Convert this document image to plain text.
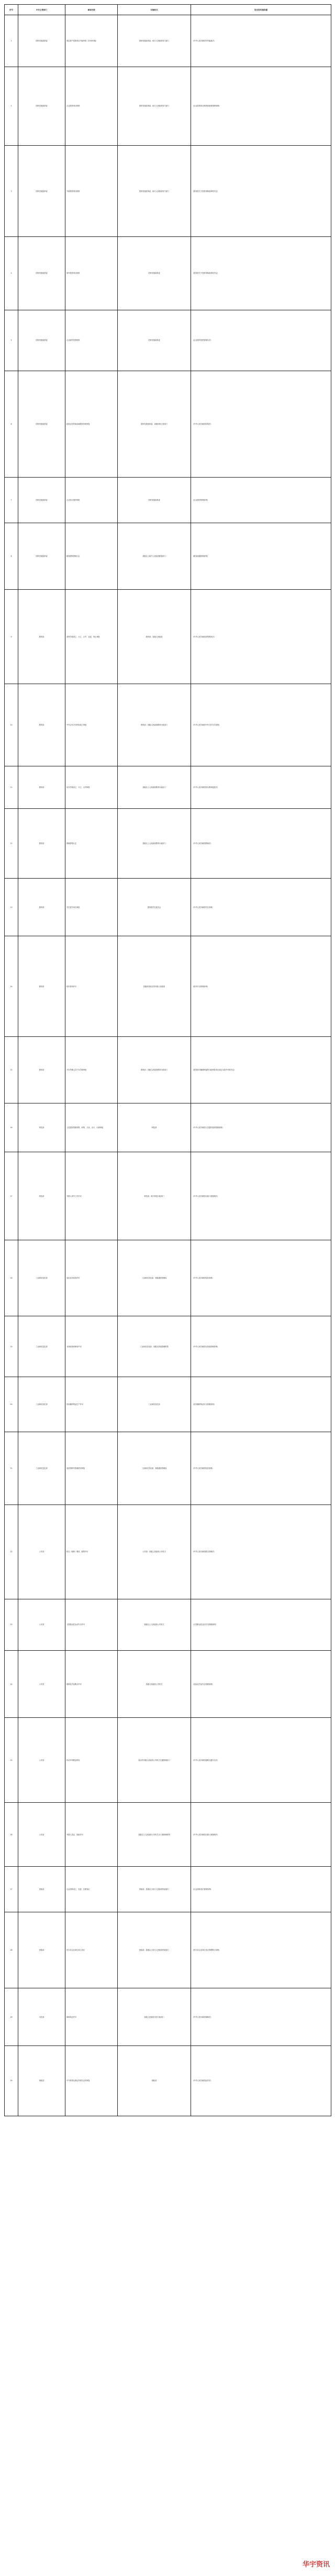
序号	中央主管部门	事项名称	实施机关	设定和实施依据
1	国家发展改革委	固定资产投资项目节能审查（2016年版）	国家发展改革委；地方人民政府有关部门	《中华人民共和国节约能源法》
2	国家发展改革委	企业投资项目核准	国家发展改革委；地方人民政府有关部门	《企业投资项目核准和备案管理条例》
3	国家发展改革委	外商投资项目核准	国家发展改革委；地方人民政府有关部门	《国务院关于投资体制改革的决定》
4	国家发展改革委	境外投资项目核准	国家发展改革委	《国务院关于投资体制改革的决定》
5	国家发展改革委	企业境外投资核准	国家发展改革委	《企业境外投资管理办法》
6	国家发展改革委	政府定价的商品和服务价格审批	国家发展改革委；省级价格主管部门	《中华人民共和国价格法》
7	国家发展改革委	企业发行债券审批	国家发展改革委	《企业债券管理条例》
8	国家发展改革委	粮食收购资格认定	县级以上地方人民政府粮食部门	《粮食流通管理条例》
9	教育部	高等学校设立、分立、合并、变更、终止审批	教育部；省级人民政府	《中华人民共和国高等教育法》
10	教育部	中外合作办学机构设立审批	教育部；省级人民政府教育行政部门	《中华人民共和国中外合作办学条例》
11	教育部	民办学校设立、分立、合并审批	县级以上人民政府教育行政部门	《中华人民共和国民办教育促进法》
12	教育部	教师资格认定	县级以上人民政府教育行政部门	《中华人民共和国教师法》
13	教育部	学位授予单位审批	国务院学位委员会	《中华人民共和国学位条例》
14	教育部	校车使用许可	县级或者设区的市级人民政府	《校车安全管理条例》
15	教育部	开办外籍人员子女学校审批	教育部；省级人民政府教育行政部门	《国务院对确需保留的行政审批项目设定行政许可的决定》
16	科技部	人类遗传资源采集、收集、买卖、出口、出境审批	科技部	《中华人民共和国人类遗传资源管理条例》
17	科技部	外国人来华工作许可	科技部；地方科技行政部门	《中华人民共和国出境入境管理法》
18	工业和信息化部	电信业务经营许可	工业和信息化部；省级通信管理局	《中华人民共和国电信条例》
19	工业和信息化部	无线电频率使用许可	工业和信息化部；省级无线电管理机构	《中华人民共和国无线电管理条例》
20	工业和信息化部	民用爆炸物品生产许可	工业和信息化部	《民用爆炸物品安全管理条例》
21	工业和信息化部	电信网码号资源使用审批	工业和信息化部；省级通信管理局	《中华人民共和国电信条例》
22	公安部	枪支（弹药）制造、配售许可	公安部；省级人民政府公安机关	《中华人民共和国枪支管理法》
23	公安部	大型群众性活动安全许可	县级以上人民政府公安机关	《大型群众性活动安全管理条例》
24	公安部	剧毒化学品购买许可	县级人民政府公安机关	《危险化学品安全管理条例》
25	公安部	机动车驾驶证核发	设区的市级人民政府公安机关交通管理部门	《中华人民共和国道路交通安全法》
26	公安部	外国人签证、居留许可	县级以上人民政府公安机关出入境管理机构	《中华人民共和国出境入境管理法》
27	民政部	社会团体成立、变更、注销登记	民政部；县级以上地方人民政府民政部门	《社会团体登记管理条例》
28	民政部	民办非企业单位成立登记	民政部；县级以上地方人民政府民政部门	《民办非企业单位登记管理暂行条例》
29	司法部	律师执业许可	省级人民政府司法行政部门	《中华人民共和国律师法》
30	财政部	中介机构从事证券相关业务审批	财政部	《中华人民共和国证券法》
华宇资讯
